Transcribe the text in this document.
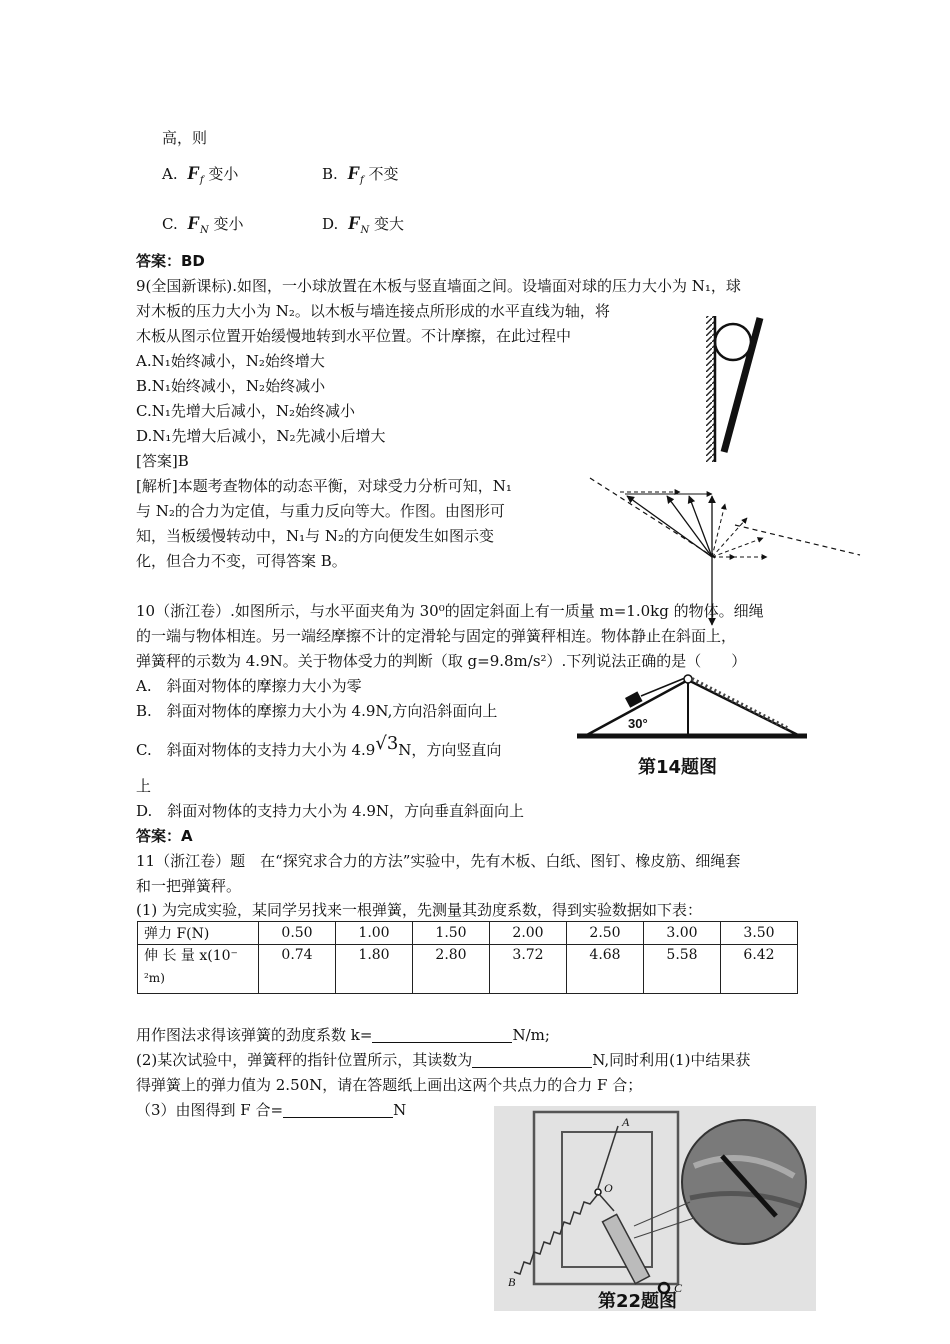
高，则
A. $F_f$ 变小	B. $F_f$ 不变
C. $F_N$ 变小	D. $F_N$ 变大
答案：BD
9(全国新课标).如图，一小球放置在木板与竖直墙面之间。设墙面对球的压力大小为 N₁，球
对木板的压力大小为 N₂。以木板与墙连接点所形成的水平直线为轴，将
木板从图示位置开始缓慢地转到水平位置。不计摩擦，在此过程中
A.N₁始终减小，N₂始终增大
B.N₁始终减小，N₂始终减小
C.N₁先增大后减小，N₂始终减小
D.N₁先增大后减小，N₂先减小后增大
[答案]B
[解析]本题考查物体的动态平衡，对球受力分析可知，N₁
与 N₂的合力为定值，与重力反向等大。作图。由图形可
知，当板缓慢转动中，N₁与 N₂的方向便发生如图示变
化，但合力不变，可得答案 B。
10（浙江卷）.如图所示，与水平面夹角为 30⁰的固定斜面上有一质量 m=1.0kg 的物体。细绳
的一端与物体相连。另一端经摩擦不计的定滑轮与固定的弹簧秤相连。物体静止在斜面上，
弹簧秤的示数为 4.9N。关于物体受力的判断（取 g=9.8m/s²）.下列说法正确的是（　　）
A.　斜面对物体的摩擦力大小为零
B.　斜面对物体的摩擦力大小为 4.9N,方向沿斜面向上
C.　斜面对物体的支持力大小为 4.9√3N，方向竖直向
上
D.　斜面对物体的支持力大小为 4.9N，方向垂直斜面向上
答案：A
30°
第14题图
11（浙江卷）题　在“探究求合力的方法”实验中，先有木板、白纸、图钉、橡皮筋、细绳套
和一把弹簧秤。
(1) 为完成实验，某同学另找来一根弹簧，先测量其劲度系数，得到实验数据如下表：
弹力 F(N)	0.50	1.00	1.50	2.00	2.50	3.00	3.50
伸 长 量 x(10⁻
²m)	0.74	1.80	2.80	3.72	4.68	5.58	6.42
用作图法求得该弹簧的劲度系数 k=	N/m;
(2)某次试验中，弹簧秤的指针位置所示，其读数为	N,同时利用(1)中结果获
得弹簧上的弹力值为 2.50N，请在答题纸上画出这两个共点力的合力 F 合；
（3）由图得到 F 合=	N
A
O
B	C
第22题图
